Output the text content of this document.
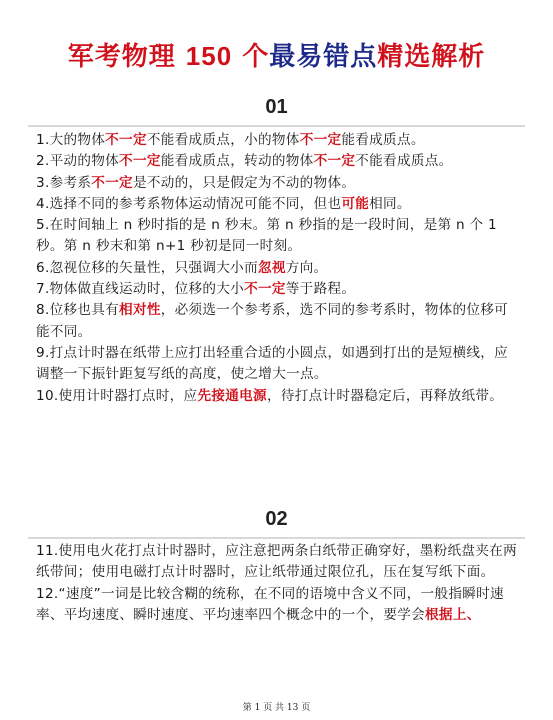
军考物理 150 个最易错点精选解析
01

1.大的物体不一定不能看成质点，小的物体不一定能看成质点。

2.平动的物体不一定能看成质点，转动的物体不一定不能看成质点。

3.参考系不一定是不动的，只是假定为不动的物体。

4.选择不同的参考系物体运动情况可能不同，但也可能相同。

5.在时间轴上 n 秒时指的是 n 秒末。第 n 秒指的是一段时间，是第 n 个 1 秒。第 n 秒末和第 n+1 秒初是同一时刻。

6.忽视位移的矢量性，只强调大小而忽视方向。

7.物体做直线运动时，位移的大小不一定等于路程。

8.位移也具有相对性，必须选一个参考系，选不同的参考系时，物体的位移可能不同。

9.打点计时器在纸带上应打出轻重合适的小圆点，如遇到打出的是短横线，应调整一下振针距复写纸的高度，使之增大一点。

10.使用计时器打点时，应先接通电源，待打点计时器稳定后，再释放纸带。

02

11.使用电火花打点计时器时，应注意把两条白纸带正确穿好，墨粉纸盘夹在两纸带间；使用电磁打点计时器时，应让纸带通过限位孔，压在复写纸下面。

12.“速度”一词是比较含糊的统称，在不同的语境中含义不同，一般指瞬时速率、平均速度、瞬时速度、平均速率四个概念中的一个，要学会根据上、

第 1 页 共 13 页
